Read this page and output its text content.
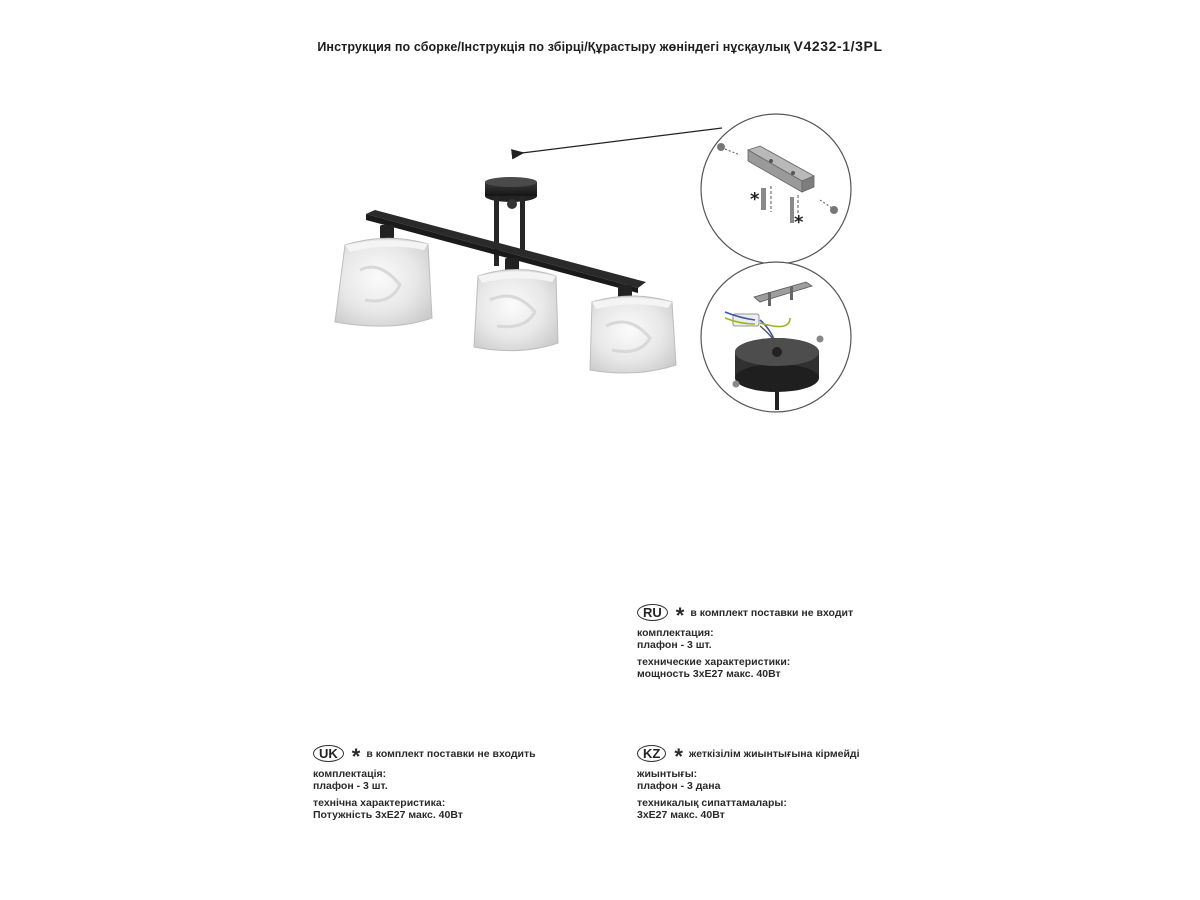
Инструкция по сборке/Інструкція по збірці/Құрастыру жөніндегі нұсқаулық V4232-1/3PL
*
*
RU * в комплект поставки не входит
комплектация:
плафон - 3 шт.
технические характеристики:
мощность 3хЕ27 макс. 40Вт
UK * в комплект поставки не входить
комплектація:
плафон - 3 шт.
технічна характеристика:
Потужність 3хЕ27 макс. 40Вт
KZ * жеткізілім жиынтығына кірмейді
жиынтығы:
плафон - 3 дана
техникалық сипаттамалары:
3хЕ27 макс. 40Вт
